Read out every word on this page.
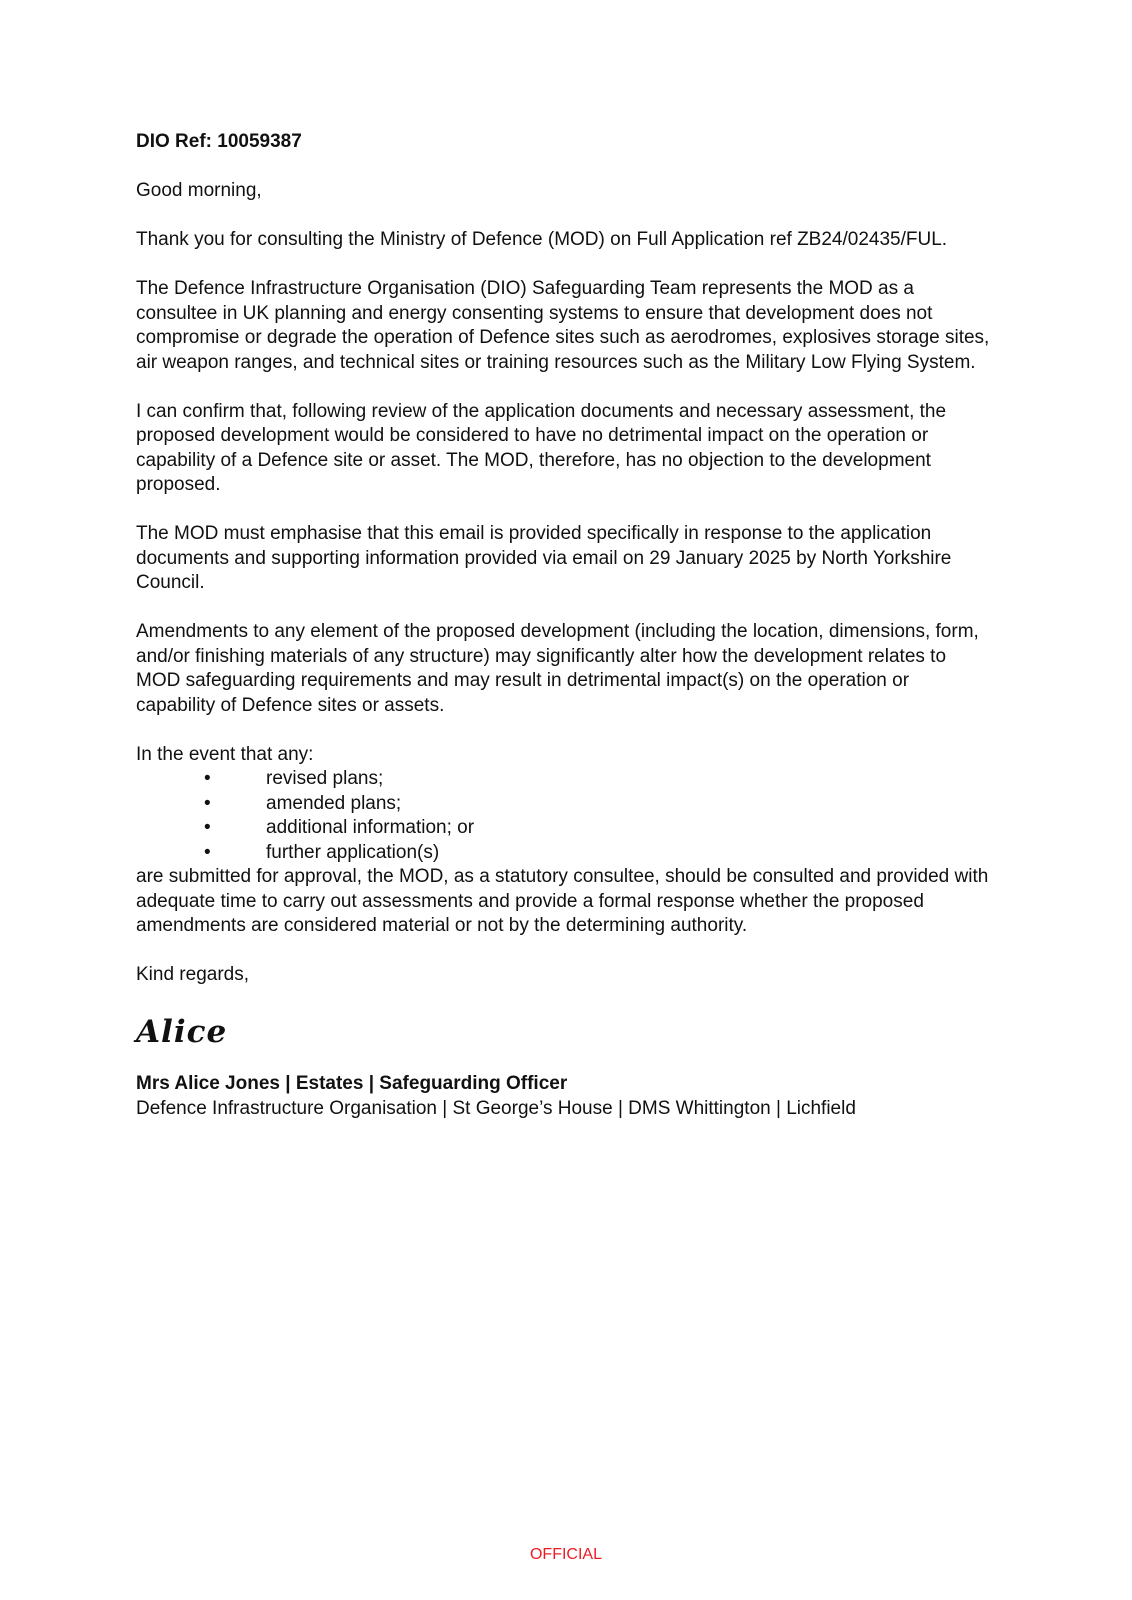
DIO Ref: 10059387

Good morning,

Thank you for consulting the Ministry of Defence (MOD) on Full Application ref ZB24/02435/FUL.

The Defence Infrastructure Organisation (DIO) Safeguarding Team represents the MOD as a consultee in UK planning and energy consenting systems to ensure that development does not compromise or degrade the operation of Defence sites such as aerodromes, explosives storage sites, air weapon ranges, and technical sites or training resources such as the Military Low Flying System.

I can confirm that, following review of the application documents and necessary assessment, the proposed development would be considered to have no detrimental impact on the operation or capability of a Defence site or asset. The MOD, therefore, has no objection to the development proposed.

The MOD must emphasise that this email is provided specifically in response to the application documents and supporting information provided via email on 29 January 2025 by North Yorkshire Council.

Amendments to any element of the proposed development (including the location, dimensions, form, and/or finishing materials of any structure) may significantly alter how the development relates to MOD safeguarding requirements and may result in detrimental impact(s) on the operation or capability of Defence sites or assets.

In the event that any:

•	revised plans;
•	amended plans;
•	additional information; or
•	further application(s)

are submitted for approval, the MOD, as a statutory consultee, should be consulted and provided with adequate time to carry out assessments and provide a formal response whether the proposed amendments are considered material or not by the determining authority.

Kind regards,

Alice

Mrs Alice Jones | Estates | Safeguarding Officer

Defence Infrastructure Organisation | St George’s House | DMS Whittington | Lichfield

OFFICIAL
